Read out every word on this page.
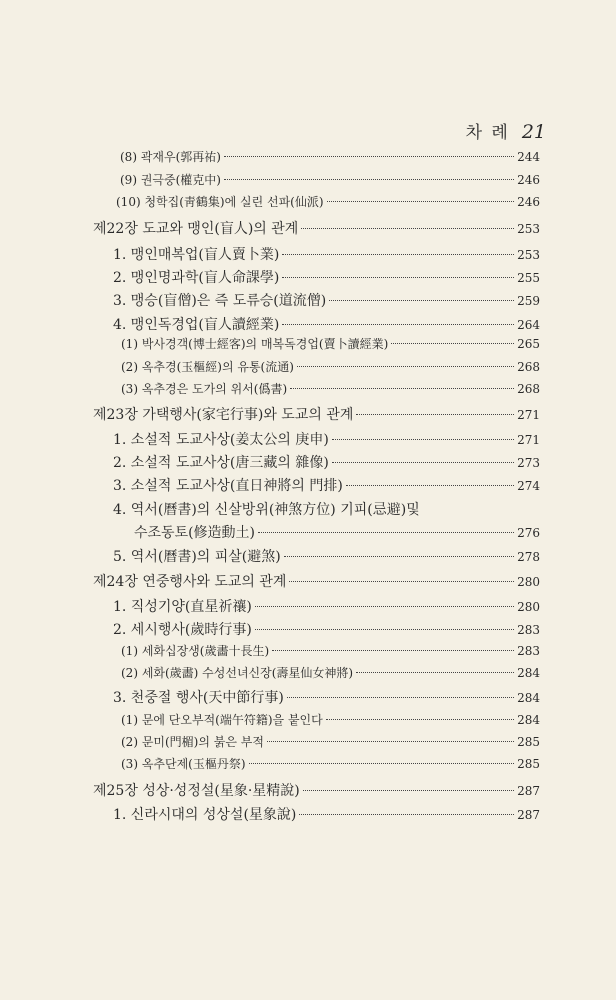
차 례 21
(8) 곽재우(郭再祐)	244
(9) 권극중(權克中)	246
(10) 청학집(靑鶴集)에 실린 선파(仙派)	246
제22장 도교와 맹인(盲人)의 관계	253
1. 맹인매복업(盲人賣卜業)	253
2. 맹인명과학(盲人命課學)	255
3. 맹승(盲僧)은 즉 도류승(道流僧)	259
4. 맹인독경업(盲人讀經業)	264
(1) 박사경객(博士經客)의 매복독경업(賣卜讀經業)	265
(2) 옥추경(玉樞經)의 유통(流通)	268
(3) 옥추경은 도가의 위서(僞書)	268
제23장 가택행사(家宅行事)와 도교의 관계	271
1. 소설적 도교사상(姜太公의 庚申)	271
2. 소설적 도교사상(唐三藏의 雜像)	273
3. 소설적 도교사상(直日神將의 門排)	274
4. 역서(曆書)의 신살방위(神煞方位) 기피(忌避)및
수조동토(修造動土)	276
5. 역서(曆書)의 피살(避煞)	278
제24장 연중행사와 도교의 관계	280
1. 직성기양(直星祈禳)	280
2. 세시행사(歲時行事)	283
(1) 세화십장생(歲畵十長生)	283
(2) 세화(歲畵) 수성선녀신장(壽星仙女神將)	284
3. 천중절 행사(天中節行事)	284
(1) 문에 단오부적(端午符籍)을 붙인다	284
(2) 문미(門楣)의 붉은 부적	285
(3) 옥추단제(玉樞丹祭)	285
제25장 성상·성정설(星象·星精說)	287
1. 신라시대의 성상설(星象說)	287
